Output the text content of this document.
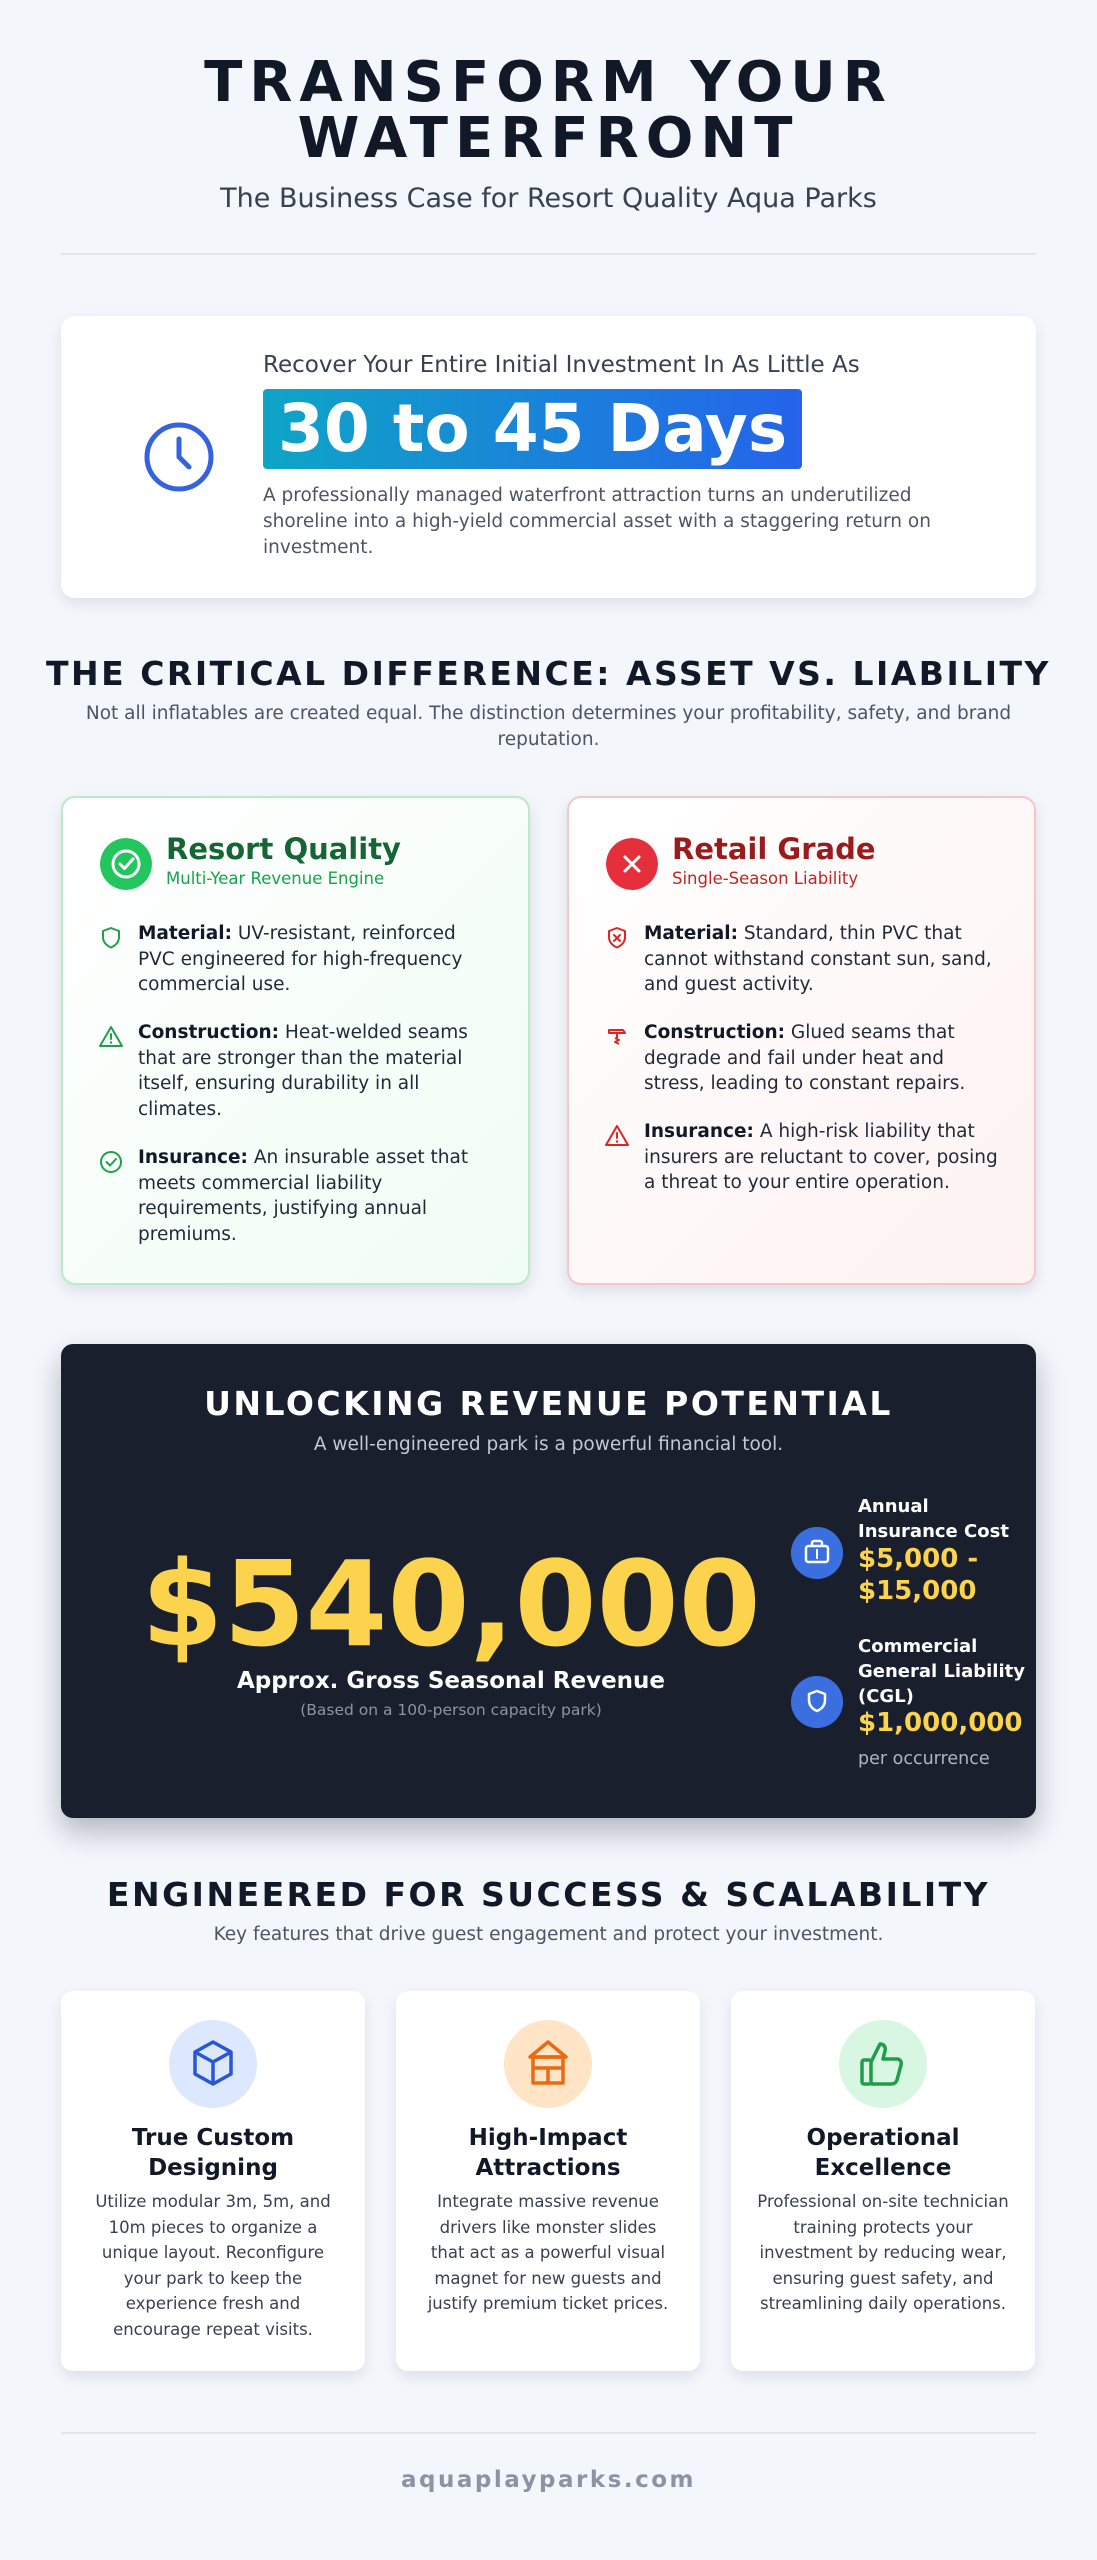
TRANSFORM YOUR
WATERFRONT
The Business Case for Resort Quality Aqua Parks
Recover Your Entire Initial Investment In As Little As
30 to 45 Days
A professionally managed waterfront attraction turns an underutilized shoreline into a high-yield commercial asset with a staggering return on investment.
THE CRITICAL DIFFERENCE: ASSET VS. LIABILITY
Not all inflatables are created equal. The distinction determines your profitability, safety, and brand reputation.
Resort Quality
Multi-Year Revenue Engine
Material: UV-resistant, reinforced PVC engineered for high-frequency commercial use.
Construction: Heat-welded seams that are stronger than the material itself, ensuring durability in all climates.
Insurance: An insurable asset that meets commercial liability requirements, justifying annual premiums.
Retail Grade
Single-Season Liability
Material: Standard, thin PVC that cannot withstand constant sun, sand, and guest activity.
Construction: Glued seams that degrade and fail under heat and stress, leading to constant repairs.
Insurance: A high-risk liability that insurers are reluctant to cover, posing a threat to your entire operation.
UNLOCKING REVENUE POTENTIAL
A well-engineered park is a powerful financial tool.
$540,000
Approx. Gross Seasonal Revenue
(Based on a 100-person capacity park)
Annual Insurance Cost
$5,000 - $15,000
Commercial General Liability (CGL)
$1,000,000
per occurrence
ENGINEERED FOR SUCCESS & SCALABILITY
Key features that drive guest engagement and protect your investment.
True Custom Designing
Utilize modular 3m, 5m, and 10m pieces to organize a unique layout. Reconfigure your park to keep the experience fresh and encourage repeat visits.
High-Impact Attractions
Integrate massive revenue drivers like monster slides that act as a powerful visual magnet for new guests and justify premium ticket prices.
Operational Excellence
Professional on-site technician training protects your investment by reducing wear, ensuring guest safety, and streamlining daily operations.
aquaplayparks.com
